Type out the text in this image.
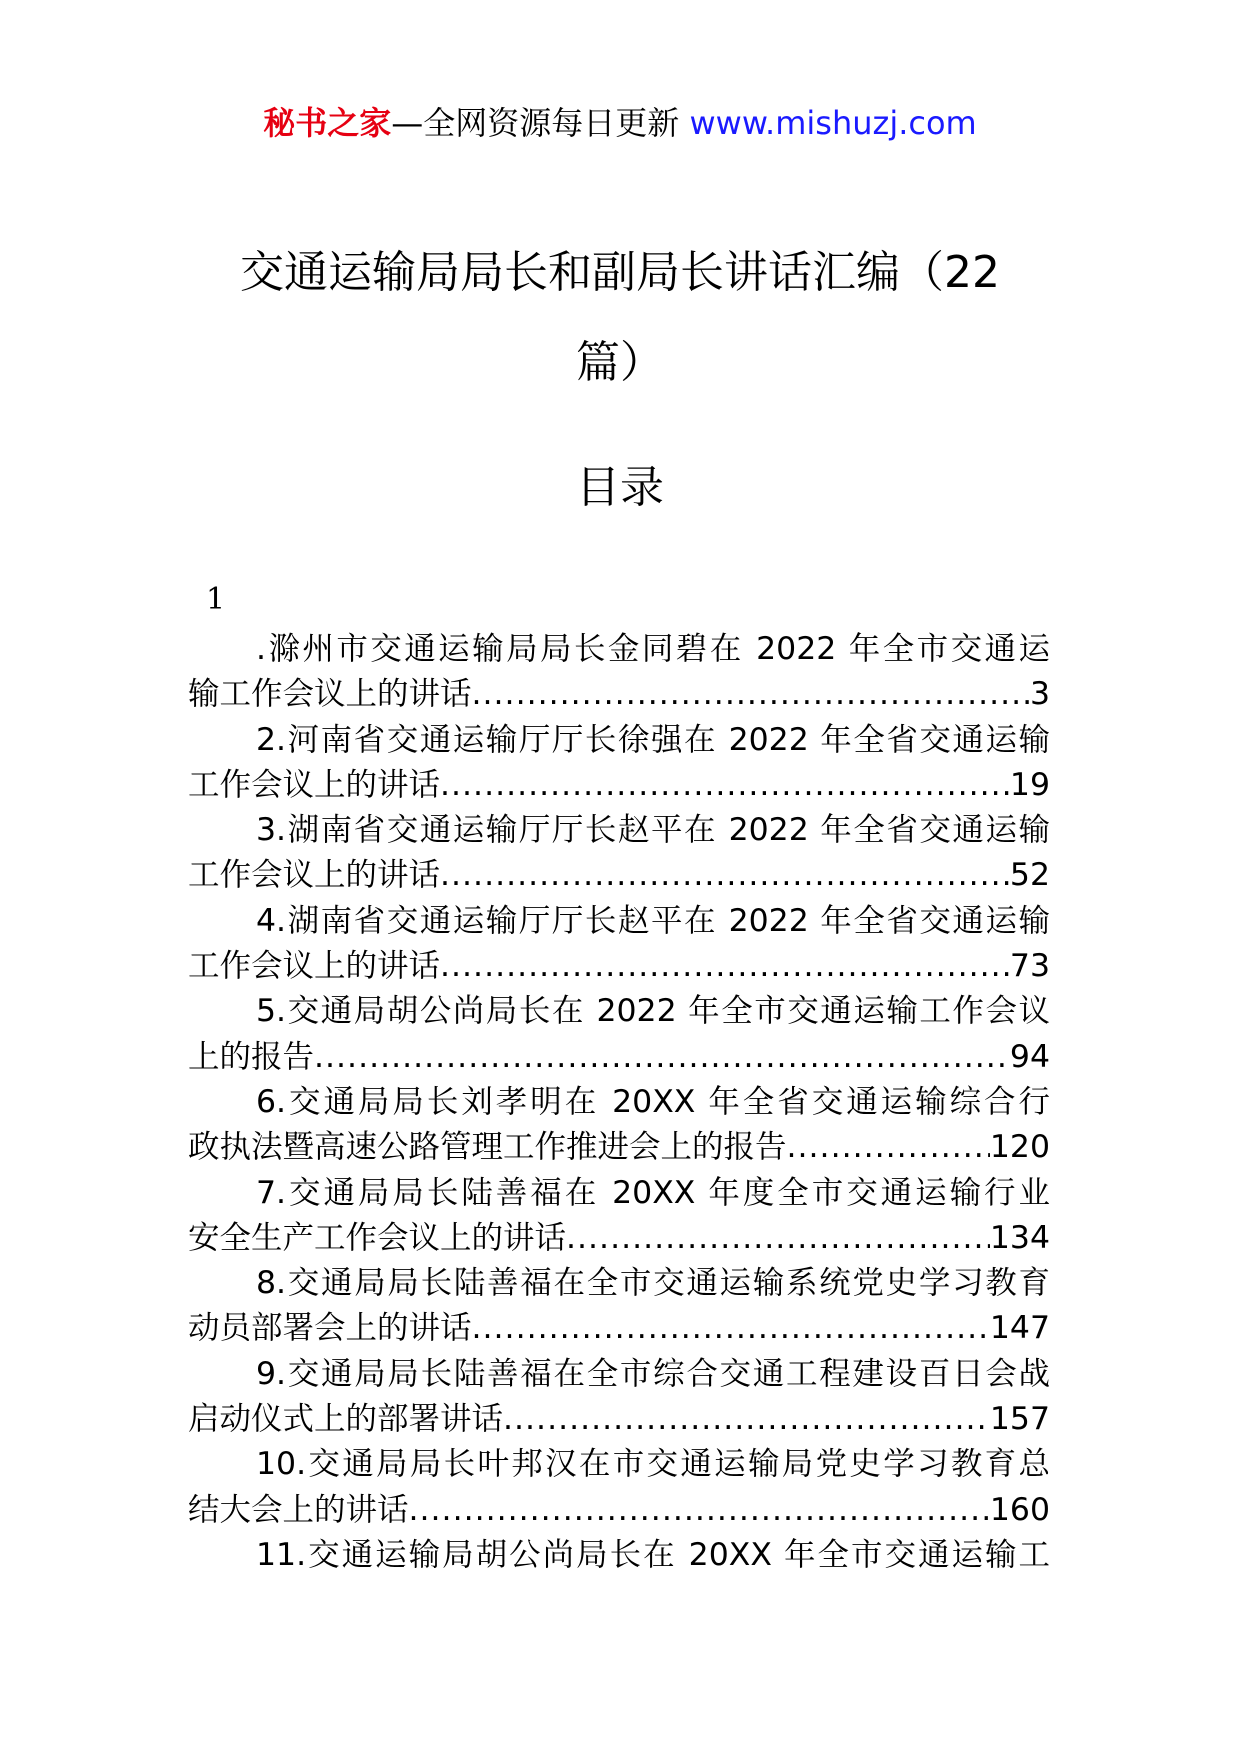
秘书之家—全网资源每日更新 www.mishuzj.com
交通运输局局长和副局长讲话汇编（22
篇）
目录
1
.滁州市交通运输局局长金同碧在 2022 年全市交通运
输工作会议上的讲话 .....	3
2.河南省交通运输厅厅长徐强在 2022 年全省交通运输
工作会议上的讲话 .....	19
3.湖南省交通运输厅厅长赵平在 2022 年全省交通运输
工作会议上的讲话 .....	52
4.湖南省交通运输厅厅长赵平在 2022 年全省交通运输
工作会议上的讲话 .....	73
5.交通局胡公尚局长在 2022 年全市交通运输工作会议
上的报告 .....	94
6.交通局局长刘孝明在 20XX 年全省交通运输综合行
政执法暨高速公路管理工作推进会上的报告 .....	120
7.交通局局长陆善福在 20XX 年度全市交通运输行业
安全生产工作会议上的讲话 .....	134
8.交通局局长陆善福在全市交通运输系统党史学习教育
动员部署会上的讲话 .....	147
9.交通局局长陆善福在全市综合交通工程建设百日会战
启动仪式上的部署讲话 .....	157
10.交通局局长叶邦汉在市交通运输局党史学习教育总
结大会上的讲话 .....	160
11.交通运输局胡公尚局长在 20XX 年全市交通运输工
